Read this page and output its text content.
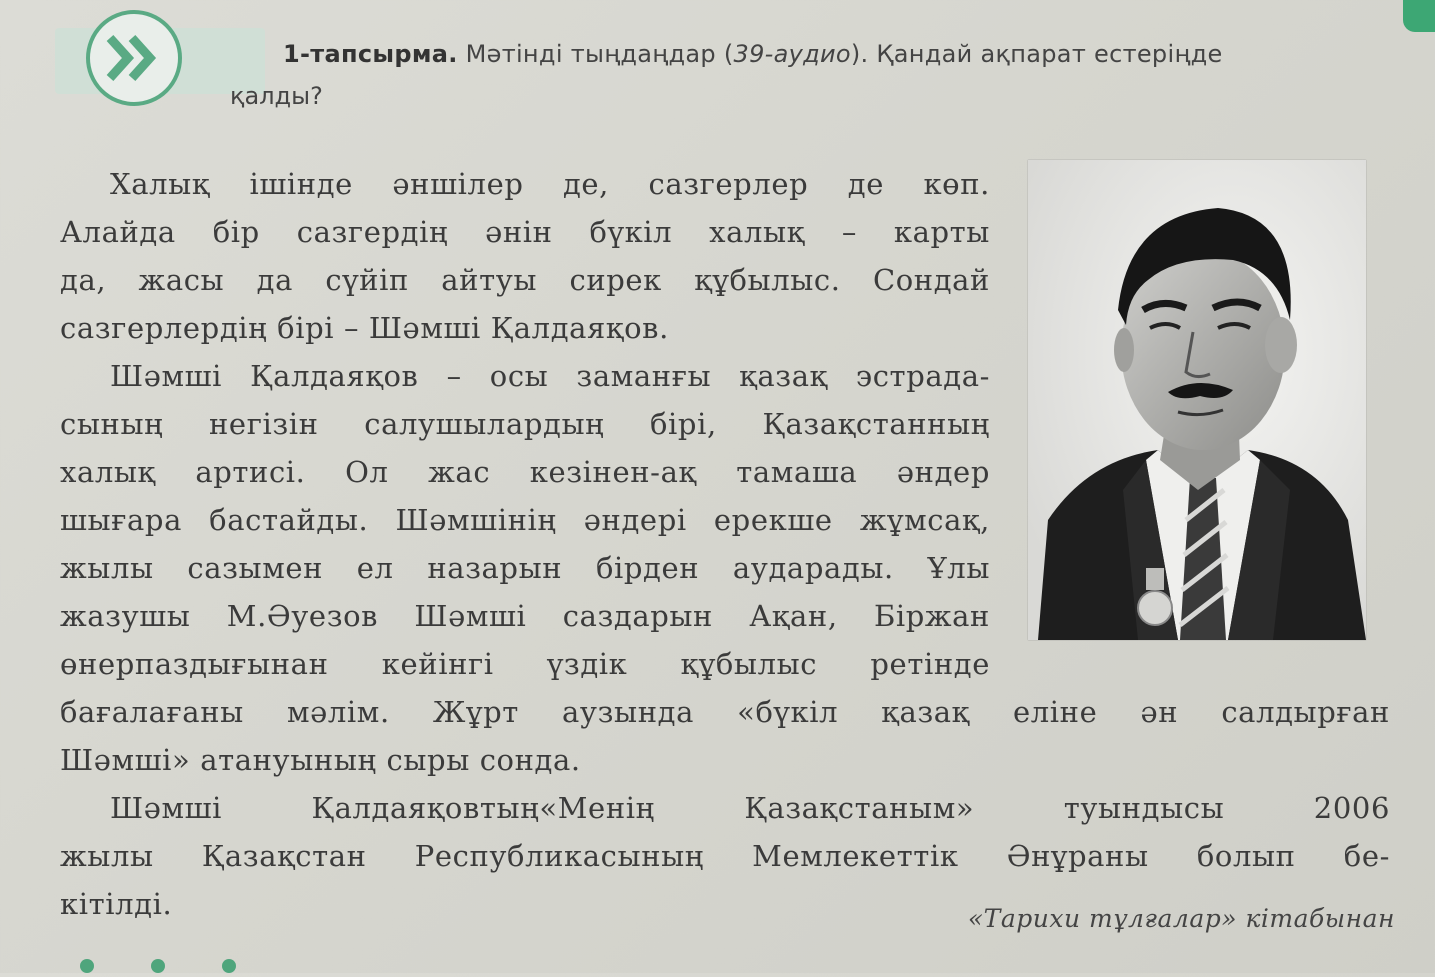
1-тапсырма. Мәтінді тыңдаңдар (39-аудио). Қандай ақпарат естеріңде
қалды?
Халық ішінде әншілер де, сазгерлер де көп.
Алайда бір сазгердің әнін бүкіл халық – карты
да, жасы да сүйіп айтуы сирек құбылыс. Сондай
сазгерлердің бірі – Шәмші Қалдаяқов.
Шәмші Қалдаяқов – осы заманғы қазақ эстрада-
сының негізін салушылардың бірі, Қазақстанның
халық артисі. Ол жас кезінен-ақ тамаша әндер
шығара бастайды. Шәмшінің әндері ерекше жұмсақ,
жылы сазымен ел назарын бірден аударады. Ұлы
жазушы М.Әуезов Шәмші саздарын Ақан, Біржан
өнерпаздығынан кейінгі үздік құбылыс ретінде
бағалағаны мәлім. Жұрт аузында «бүкіл қазақ еліне ән салдырған
Шәмші» атануының сыры сонда.
Шәмші Қалдаяқовтың«Менің Қазақстаным» туындысы 2006
жылы Қазақстан Республикасының Мемлекеттік Әнұраны болып бе-
кітілді.	«Тарихи тұлғалар» кітабынан
